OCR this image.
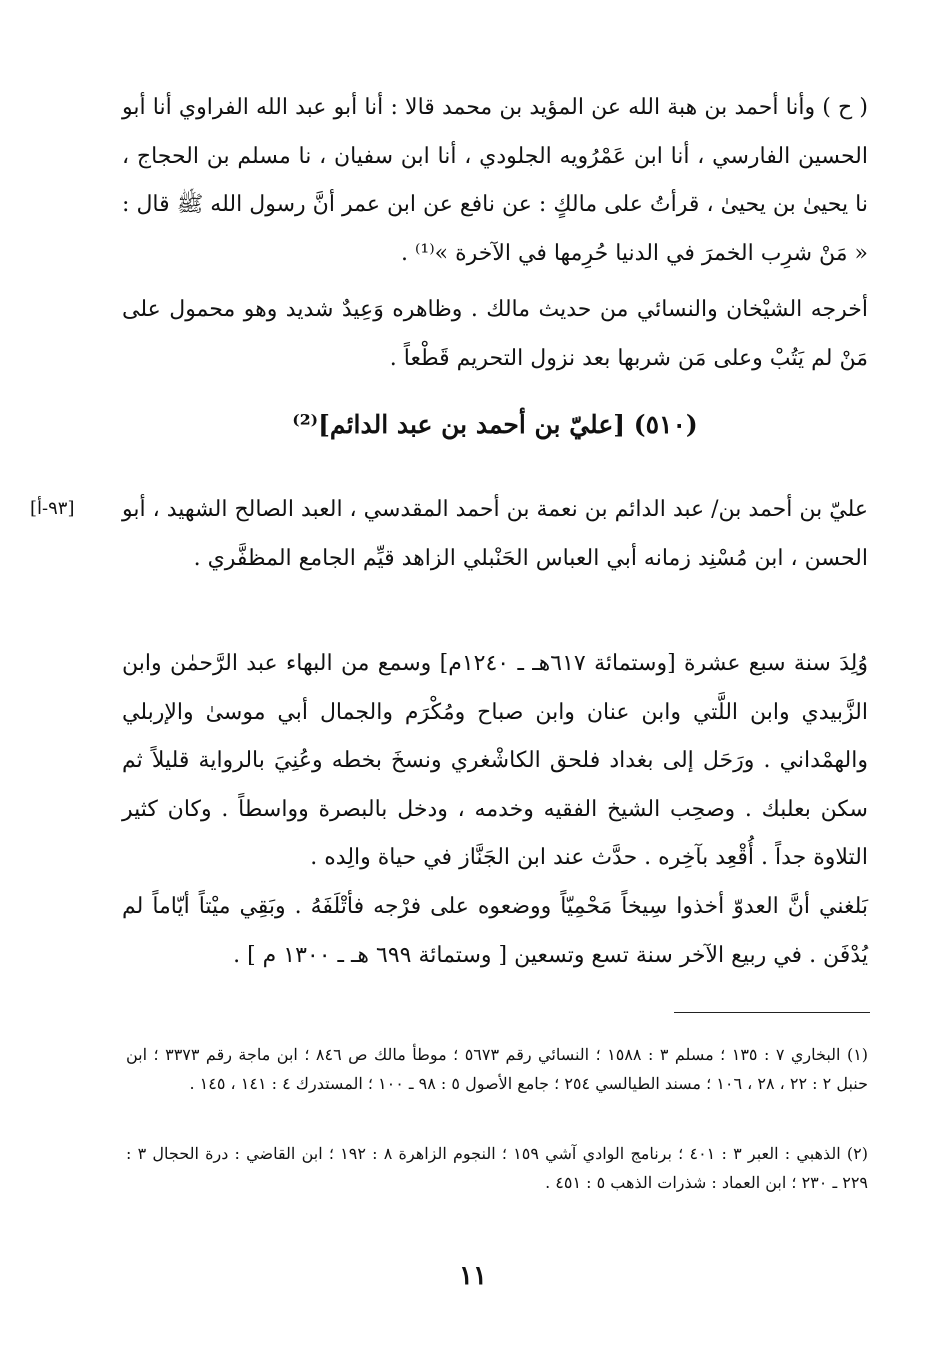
( ح ) وأنا أحمد بن هبة الله عن المؤيد بن محمد قالا : أنا أبو عبد الله الفراوي أنا أبو الحسين الفارسي ، أنا ابن عَمْرُويه الجلودي ، أنا ابن سفيان ، نا مسلم بن الحجاج ، نا يحيىٰ بن يحيىٰ ، قرأتُ على مالكٍ : عن نافع عن ابن عمر أنَّ رسول الله ﷺ قال : « مَنْ شرِب الخمرَ في الدنيا حُرِمها في الآخرة »⁽¹⁾ .

أخرجه الشيْخان والنسائي من حديث مالك . وظاهره وَعِيدٌ شديد وهو محمول على مَنْ لم يَتُبْ وعلى مَن شربها بعد نزول التحريم قَطْعاً .

(٥١٠) [عليّ بن أحمد بن عبد الدائم]⁽²⁾
[٩٣-أ]	عليّ بن أحمد بن/ عبد الدائم بن نعمة بن أحمد المقدسي ، العبد الصالح الشهيد ، أبو الحسن ، ابن مُسْنِد زمانه أبي العباس الحَنْبلي الزاهد قيِّم الجامع المظفَّري .

وُلِدَ سنة سبع عشرة [وستمائة ٦١٧هـ ـ ١٢٤٠م] وسمع من البهاء عبد الرَّحمٰن وابن الزَّبيدي وابن اللَّتي وابن عنان وابن صباح ومُكْرَم والجمال أبي موسىٰ والإربلي والهمْداني . ورَحَل إلى بغداد فلحق الكاشْغري ونسخَ بخطه وعُنِيَ بالرواية قليلاً ثم سكن بعلبك . وصحِب الشيخ الفقيه وخدمه ، ودخل بالبصرة وواسطاً . وكان كثير التلاوة جداً . أُقْعِد بآخِره . حدَّث عند ابن الجَنَّاز في حياة والِده .

بَلغني أنَّ العدوّ أخذوا سِيخاً مَحْمِيّاً ووضعوه على فرْجه فأتْلَفَهُ . وبَقِي ميْتاً أيّاماً لم يُدْفَن . في ربيع الآخر سنة تسع وتسعين [ وستمائة ٦٩٩ هـ ـ ١٣٠٠ م ] .

(١) البخاري ٧ : ١٣٥ ؛ مسلم ٣ : ١٥٨٨ ؛ النسائي رقم ٥٦٧٣ ؛ موطأ مالك ص ٨٤٦ ؛ ابن ماجة رقم ٣٣٧٣ ؛ ابن حنبل ٢ : ٢٢ ، ٢٨ ، ١٠٦ ؛ مسند الطيالسي ٢٥٤ ؛ جامع الأصول ٥ : ٩٨ ـ ١٠٠ ؛ المستدرك ٤ : ١٤١ ، ١٤٥ .

(٢) الذهبي : العبر ٣ : ٤٠١ ؛ برنامج الوادي آشي ١٥٩ ؛ النجوم الزاهرة ٨ : ١٩٢ ؛ ابن القاضي : درة الحجال ٣ : ٢٢٩ ـ ٢٣٠ ؛ ابن العماد : شذرات الذهب ٥ : ٤٥١ .

١١
